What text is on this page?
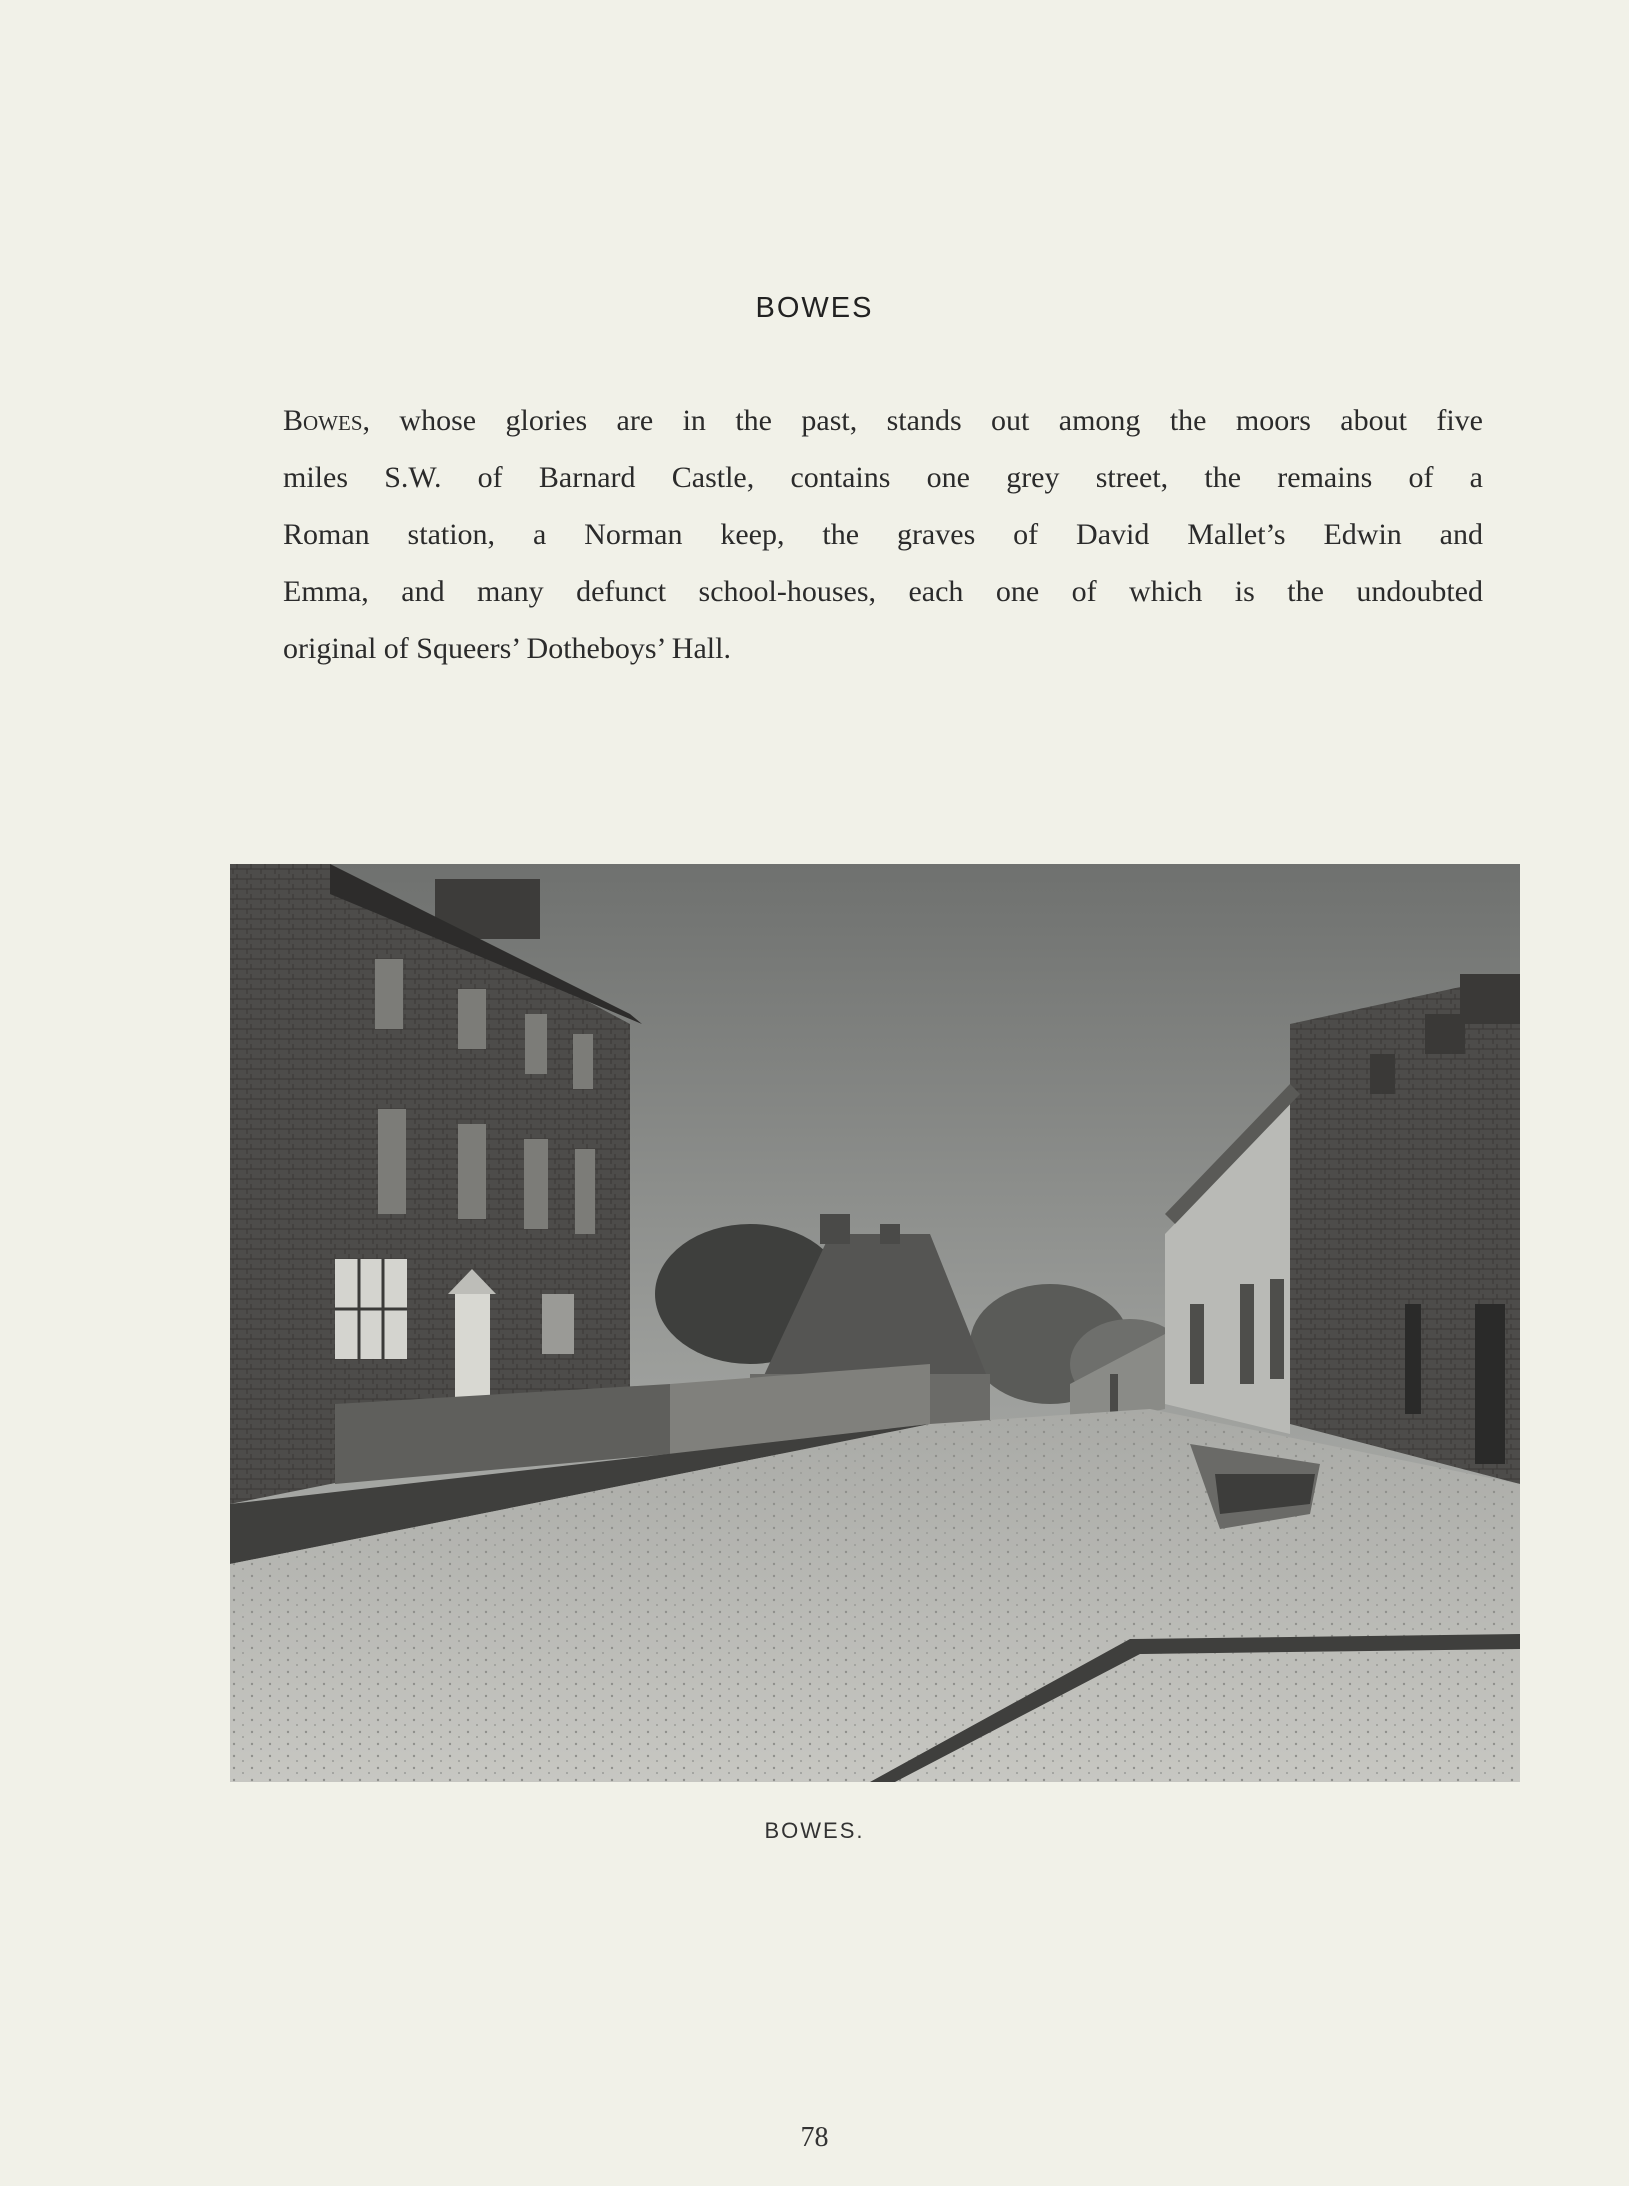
BOWES

Bowes, whose glories are in the past, stands out among the moors about five
miles S.W. of Barnard Castle, contains one grey street, the remains of a
Roman station, a Norman keep, the graves of David Mallet’s Edwin and
Emma, and many defunct school-houses, each one of which is the undoubted
original of Squeers’ Dotheboys’ Hall.

BOWES.
78
